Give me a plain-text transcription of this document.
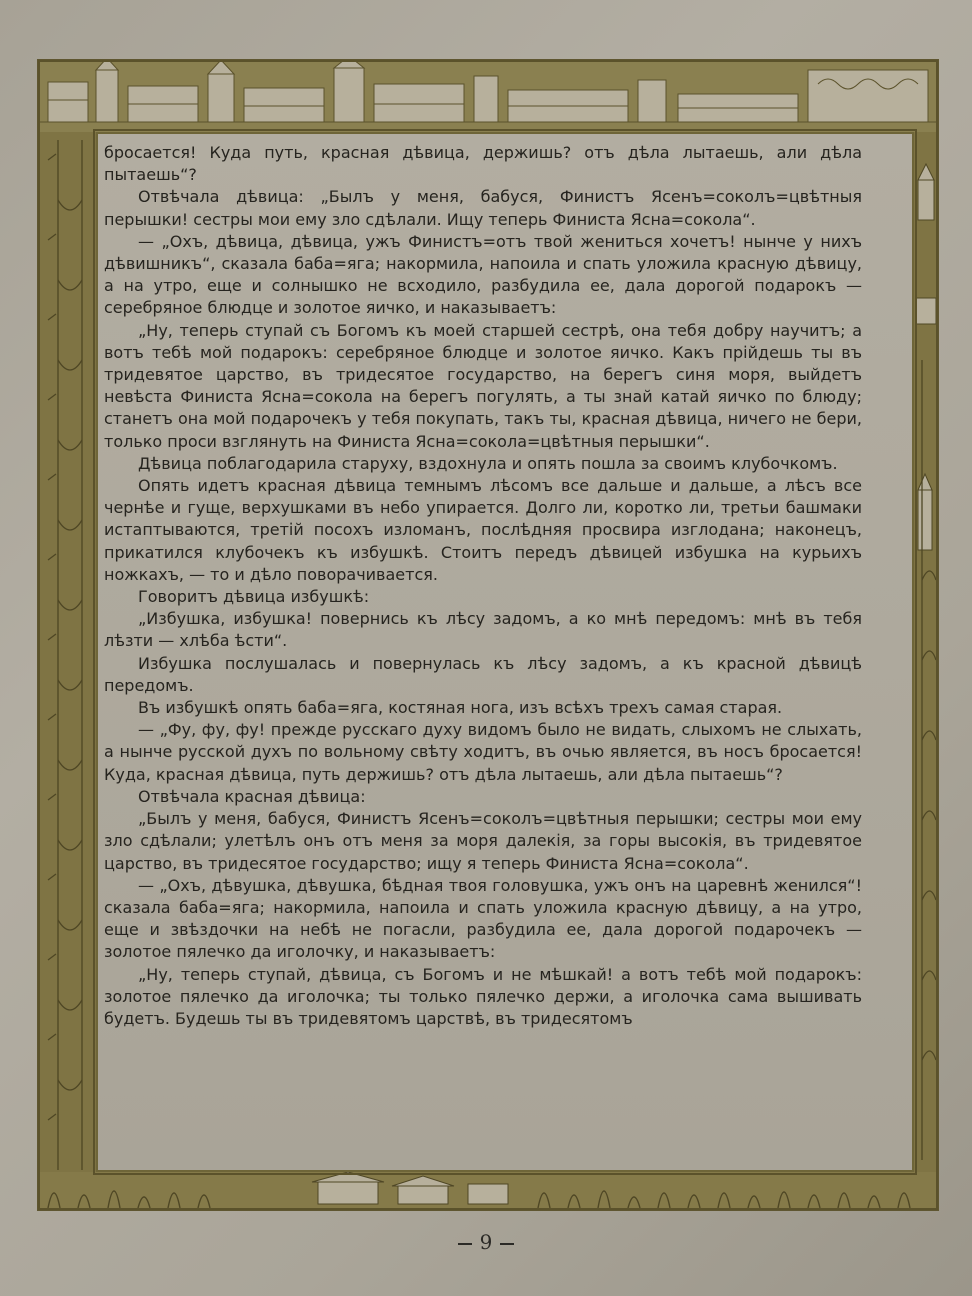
бросается! Куда путь, красная дѣвица, держишь? отъ дѣла лытаешь, али дѣла пытаешь“?

Отвѣчала дѣвица: „Былъ у меня, бабуся, Финистъ Ясенъ=соколъ=цвѣтныя перышки! сестры мои ему зло сдѣлали. Ищу теперь Финиста Ясна=сокола“.

— „Охъ, дѣвица, дѣвица, ужъ Финистъ=отъ твой жениться хочетъ! нынче у нихъ дѣвишникъ“, сказала баба=яга; накормила, напоила и спать уложила красную дѣвицу, а на утро, еще и солнышко не всходило, разбудила ее, дала дорогой подарокъ — серебряное блюдце и золотое яичко, и наказываетъ:

„Ну, теперь ступай съ Богомъ къ моей старшей сестрѣ, она тебя добру научитъ; а вотъ тебѣ мой подарокъ: серебряное блюдце и золотое яичко. Какъ прійдешь ты въ тридевятое царство, въ тридесятое государство, на берегъ синя моря, выйдетъ невѣста Финиста Ясна=сокола на берегъ погулять, а ты знай катай яичко по блюду; станетъ она мой подарочекъ у тебя покупать, такъ ты, красная дѣвица, ничего не бери, только проси взглянуть на Финиста Ясна=сокола=цвѣтныя перышки“.

Дѣвица поблагодарила старуху, вздохнула и опять пошла за своимъ клубочкомъ.

Опять идетъ красная дѣвица темнымъ лѣсомъ все дальше и дальше, а лѣсъ все чернѣе и гуще, верхушками въ небо упирается. Долго ли, коротко ли, третьи башмаки истаптываются, третій посохъ изломанъ, послѣдняя просвира изглодана; наконецъ, прикатился клубочекъ къ избушкѣ. Стоитъ передъ дѣвицей избушка на курьихъ ножкахъ, — то и дѣло поворачивается.

Говоритъ дѣвица избушкѣ:

„Избушка, избушка! повернись къ лѣсу задомъ, а ко мнѣ передомъ: мнѣ въ тебя лѣзти — хлѣба ѣсти“.

Избушка послушалась и повернулась къ лѣсу задомъ, а къ красной дѣвицѣ передомъ.

Въ избушкѣ опять баба=яга, костяная нога, изъ всѣхъ трехъ самая старая.

— „Фу, фу, фу! прежде русскаго духу видомъ было не видать, слыхомъ не слыхать, а нынче русской духъ по вольному свѣту ходитъ, въ очью является, въ носъ бросается! Куда, красная дѣвица, путь держишь? отъ дѣла лытаешь, али дѣла пытаешь“?

Отвѣчала красная дѣвица:

„Былъ у меня, бабуся, Финистъ Ясенъ=соколъ=цвѣтныя перышки; сестры мои ему зло сдѣлали; улетѣлъ онъ отъ меня за моря далекія, за горы высокія, въ тридевятое царство, въ тридесятое государство; ищу я теперь Финиста Ясна=сокола“.

— „Охъ, дѣвушка, дѣвушка, бѣдная твоя головушка, ужъ онъ на царевнѣ женился“! сказала баба=яга; накормила, напоила и спать уложила красную дѣвицу, а на утро, еще и звѣздочки на небѣ не погасли, разбудила ее, дала дорогой подарочекъ — золотое пялечко да иголочку, и наказываетъ:

„Ну, теперь ступай, дѣвица, съ Богомъ и не мѣшкай! а вотъ тебѣ мой подарокъ: золотое пялечко да иголочка; ты только пялечко держи, а иголочка сама вышивать будетъ. Будешь ты въ тридевятомъ царствѣ, въ тридесятомъ

9
